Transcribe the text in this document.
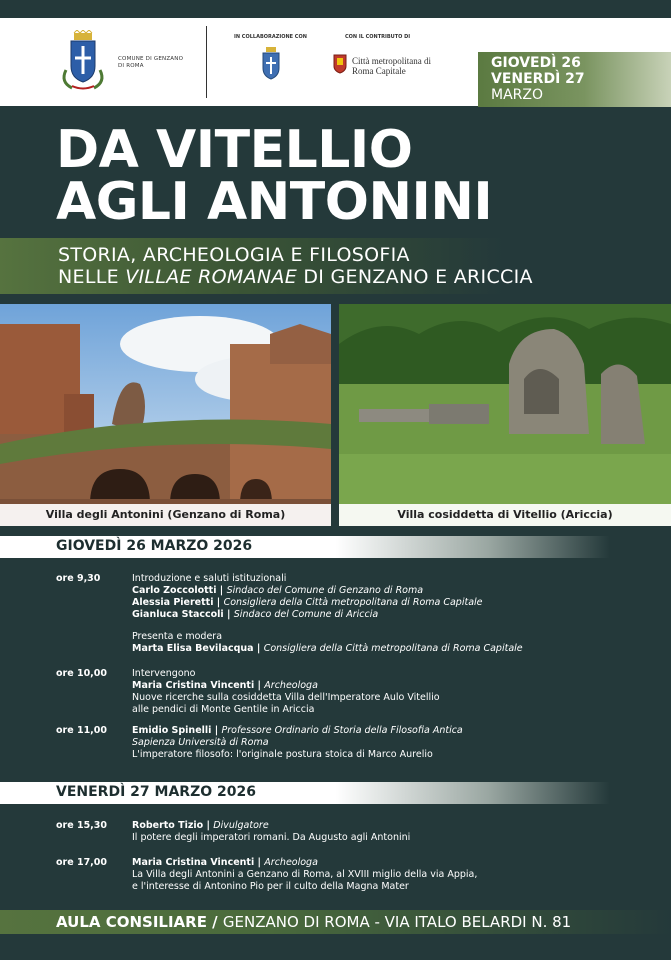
COMUNE DI GENZANO DI ROMA
IN COLLABORAZIONE CON	CON IL CONTRIBUTO DI
Città metropolitana di Roma Capitale	GIOVEDÌ 26
VENERDÌ 27
MARZO
DA VITELLIO
AGLI ANTONINI
STORIA, ARCHEOLOGIA E FILOSOFIA
NELLE VILLAE ROMANAE DI GENZANO E ARICCIA
Villa degli Antonini (Genzano di Roma)	Villa cosiddetta di Vitellio (Ariccia)
GIOVEDÌ 26 MARZO 2026
ore 9,30	Introduzione e saluti istituzionali
Carlo Zoccolotti | Sindaco del Comune di Genzano di Roma
Alessia Pieretti | Consigliera della Città metropolitana di Roma Capitale
Gianluca Staccoli | Sindaco del Comune di Ariccia
Presenta e modera
Marta Elisa Bevilacqua | Consigliera della Città metropolitana di Roma Capitale
ore 10,00	Intervengono
Maria Cristina Vincenti | Archeologa
Nuove ricerche sulla cosiddetta Villa dell'Imperatore Aulo Vitellio
alle pendici di Monte Gentile in Ariccia
ore 11,00	Emidio Spinelli | Professore Ordinario di Storia della Filosofia Antica
Sapienza Università di Roma
L'imperatore filosofo: l'originale postura stoica di Marco Aurelio
VENERDÌ 27 MARZO 2026
ore 15,30	Roberto Tizio | Divulgatore
Il potere degli imperatori romani. Da Augusto agli Antonini
ore 17,00	Maria Cristina Vincenti | Archeologa
La Villa degli Antonini a Genzano di Roma, al XVIII miglio della via Appia,
e l'interesse di Antonino Pio per il culto della Magna Mater
AULA CONSILIARE / GENZANO DI ROMA - VIA ITALO BELARDI N. 81
